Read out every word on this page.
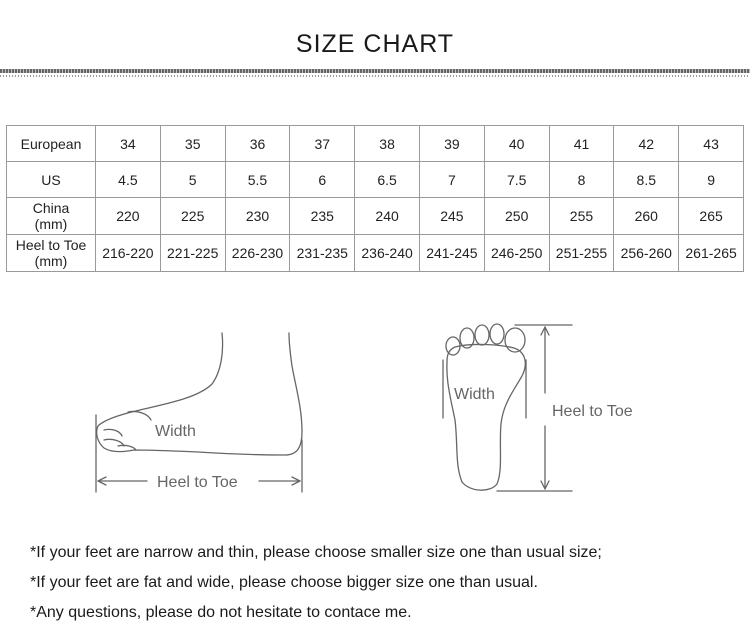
SIZE CHART
European	34	35	36	37	38	39	40	41	42	43
US	4.5	5	5.5	6	6.5	7	7.5	8	8.5	9
China
(mm)	220	225	230	235	240	245	250	255	260	265
Heel to Toe
(mm)	216-220	221-225	226-230	231-235	236-240	241-245	246-250	251-255	256-260	261-265
Width
Heel to Toe
Width
Heel to Toe
*If your feet are narrow and thin, please choose smaller size one than usual size;
*If your feet are fat and wide, please choose bigger size one than usual.
*Any questions, please do not hesitate to contace me.
